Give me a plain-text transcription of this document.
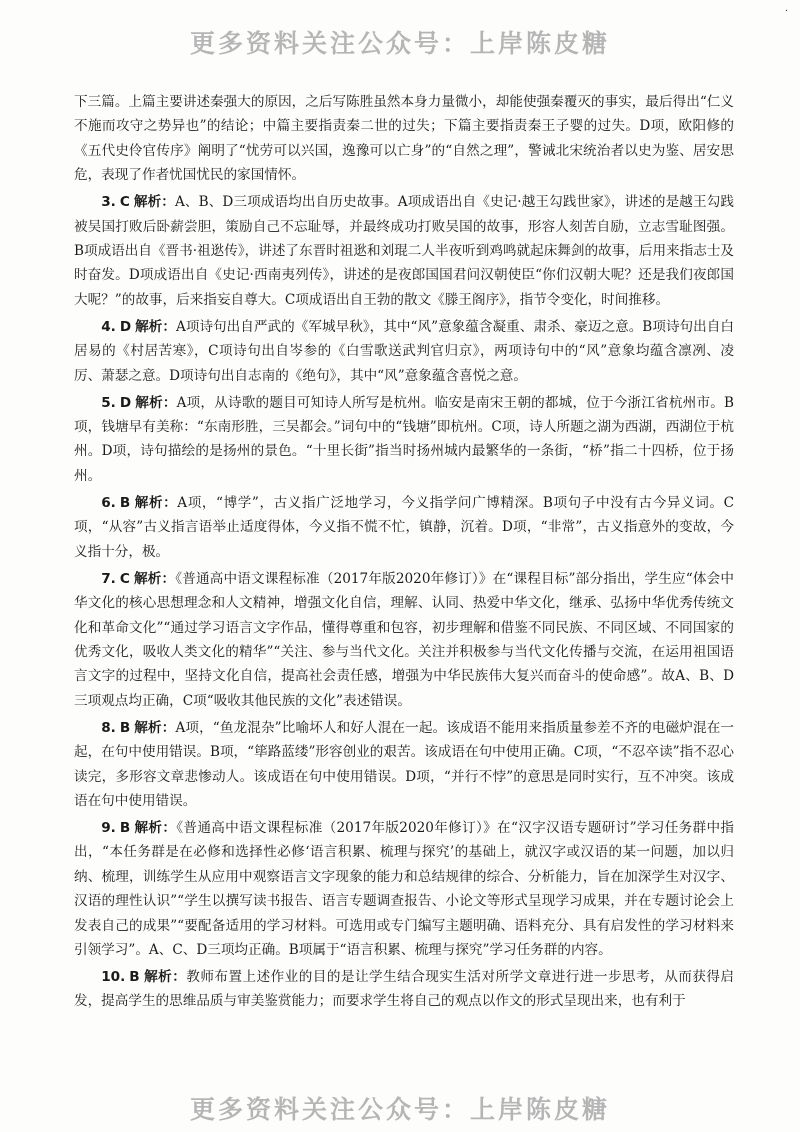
·
更多资料关注公众号：上岸陈皮糖

下三篇。上篇主要讲述秦强大的原因，之后写陈胜虽然本身力量微小，却能使强秦覆灭的事实，最后得出“仁义不施而攻守之势异也”的结论；中篇主要指责秦二世的过失；下篇主要指责秦王子婴的过失。D项，欧阳修的《五代史伶官传序》阐明了“忧劳可以兴国，逸豫可以亡身”的“自然之理”，警诫北宋统治者以史为鉴、居安思危，表现了作者忧国忧民的家国情怀。

3. C 解析：A、B、D三项成语均出自历史故事。A项成语出自《史记·越王勾践世家》，讲述的是越王勾践被吴国打败后卧薪尝胆，策励自己不忘耻辱，并最终成功打败吴国的故事，形容人刻苦自励，立志雪耻图强。B项成语出自《晋书·祖逖传》，讲述了东晋时祖逖和刘琨二人半夜听到鸡鸣就起床舞剑的故事，后用来指志士及时奋发。D项成语出自《史记·西南夷列传》，讲述的是夜郎国国君问汉朝使臣“你们汉朝大呢？还是我们夜郎国大呢？”的故事，后来指妄自尊大。C项成语出自王勃的散文《滕王阁序》，指节令变化，时间推移。

4. D 解析：A项诗句出自严武的《军城早秋》，其中“风”意象蕴含凝重、肃杀、豪迈之意。B项诗句出自白居易的《村居苦寒》，C项诗句出自岑参的《白雪歌送武判官归京》，两项诗句中的“风”意象均蕴含凛冽、凌厉、萧瑟之意。D项诗句出自志南的《绝句》，其中“风”意象蕴含喜悦之意。

5. D 解析：A项，从诗歌的题目可知诗人所写是杭州。临安是南宋王朝的都城，位于今浙江省杭州市。B项，钱塘早有美称：“东南形胜，三吴都会。”词句中的“钱塘”即杭州。C项，诗人所题之湖为西湖，西湖位于杭州。D项，诗句描绘的是扬州的景色。“十里长街”指当时扬州城内最繁华的一条街，“桥”指二十四桥，位于扬州。

6. B 解析：A项，“博学”，古义指广泛地学习，今义指学问广博精深。B项句子中没有古今异义词。C项，“从容”古义指言语举止适度得体，今义指不慌不忙，镇静，沉着。D项，“非常”，古义指意外的变故，今义指十分，极。

7. C 解析：《普通高中语文课程标准（2017年版2020年修订）》在“课程目标”部分指出，学生应“体会中华文化的核心思想理念和人文精神，增强文化自信，理解、认同、热爱中华文化，继承、弘扬中华优秀传统文化和革命文化”“通过学习语言文字作品，懂得尊重和包容，初步理解和借鉴不同民族、不同区域、不同国家的优秀文化，吸收人类文化的精华”“关注、参与当代文化。关注并积极参与当代文化传播与交流，在运用祖国语言文字的过程中，坚持文化自信，提高社会责任感，增强为中华民族伟大复兴而奋斗的使命感”。故A、B、D三项观点均正确，C项“吸收其他民族的文化”表述错误。

8. B 解析：A项，“鱼龙混杂”比喻坏人和好人混在一起。该成语不能用来指质量参差不齐的电磁炉混在一起，在句中使用错误。B项，“筚路蓝缕”形容创业的艰苦。该成语在句中使用正确。C项，“不忍卒读”指不忍心读完，多形容文章悲惨动人。该成语在句中使用错误。D项，“并行不悖”的意思是同时实行，互不冲突。该成语在句中使用错误。

9. B 解析：《普通高中语文课程标准（2017年版2020年修订）》在“汉字汉语专题研讨”学习任务群中指出，“本任务群是在必修和选择性必修‘语言积累、梳理与探究’的基础上，就汉字或汉语的某一问题，加以归纳、梳理，训练学生从应用中观察语言文字现象的能力和总结规律的综合、分析能力，旨在加深学生对汉字、汉语的理性认识”“学生以撰写读书报告、语言专题调查报告、小论文等形式呈现学习成果，并在专题讨论会上发表自己的成果”“要配备适用的学习材料。可选用或专门编写主题明确、语料充分、具有启发性的学习材料来引领学习”。A、C、D三项均正确。B项属于“语言积累、梳理与探究”学习任务群的内容。

10. B 解析：教师布置上述作业的目的是让学生结合现实生活对所学文章进行进一步思考，从而获得启发，提高学生的思维品质与审美鉴赏能力；而要求学生将自己的观点以作文的形式呈现出来，也有利于

更多资料关注公众号：上岸陈皮糖
